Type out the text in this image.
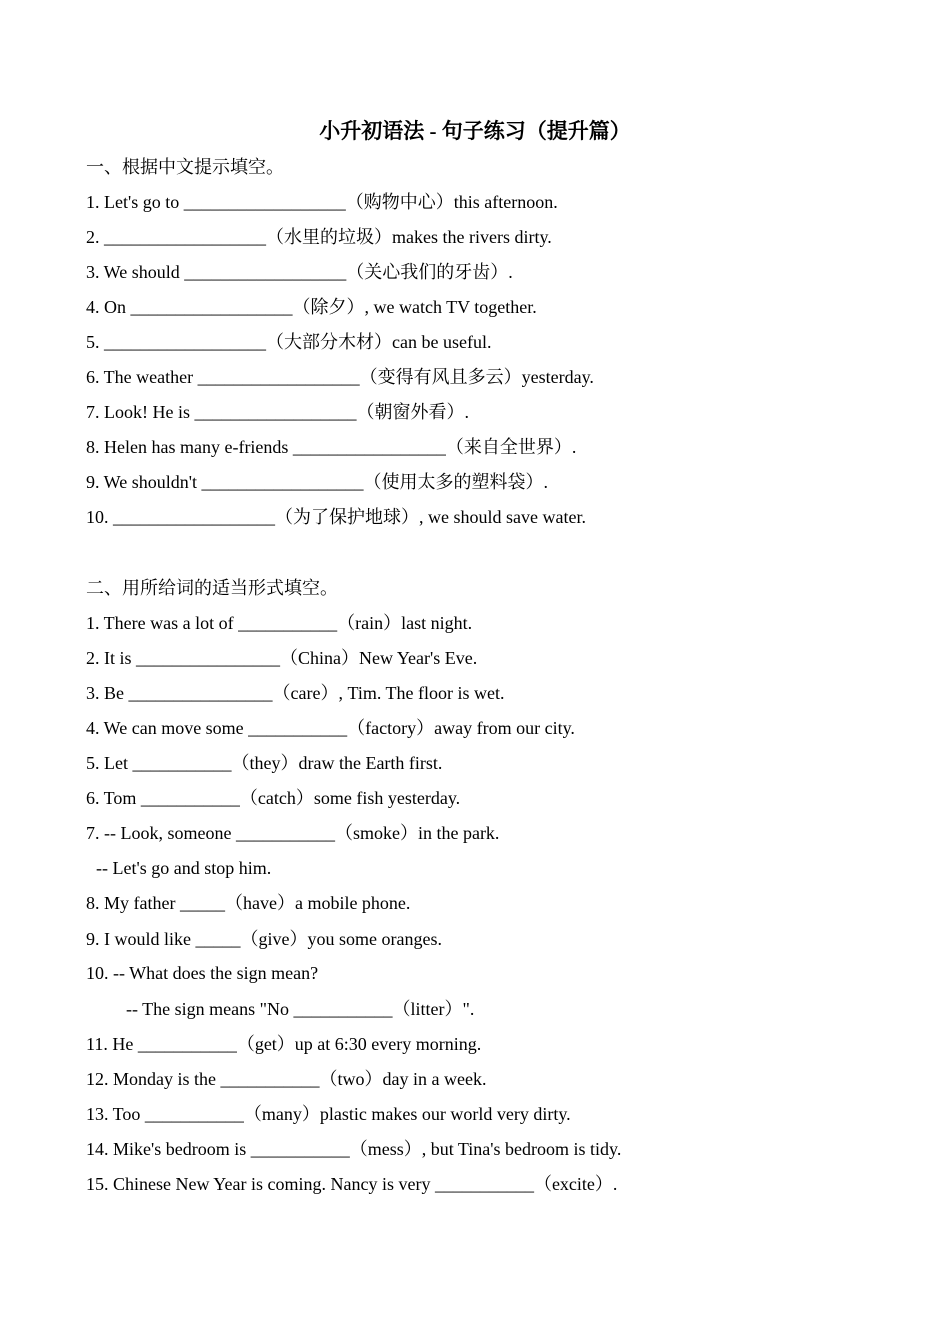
小升初语法 - 句子练习（提升篇）
一、根据中文提示填空。
1. Let's go to __________________（购物中心）this afternoon.
2. __________________（水里的垃圾）makes the rivers dirty.
3. We should __________________（关心我们的牙齿）.
4. On __________________（除夕）, we watch TV together.
5. __________________（大部分木材）can be useful.
6. The weather __________________（变得有风且多云）yesterday.
7. Look! He is __________________（朝窗外看）.
8. Helen has many e-friends _________________（来自全世界）.
9. We shouldn't __________________（使用太多的塑料袋）.
10. __________________（为了保护地球）, we should save water.
二、用所给词的适当形式填空。
1. There was a lot of ___________（rain）last night.
2. It is ________________（China）New Year's Eve.
3. Be ________________（care）, Tim. The floor is wet.
4. We can move some ___________（factory）away from our city.
5. Let ___________（they）draw the Earth first.
6. Tom ___________（catch）some fish yesterday.
7. -- Look, someone ___________（smoke）in the park.
-- Let's go and stop him.
8. My father _____（have）a mobile phone.
9. I would like _____（give）you some oranges.
10. -- What does the sign mean?
-- The sign means "No ___________（litter）".
11. He ___________（get）up at 6:30 every morning.
12. Monday is the ___________（two）day in a week.
13. Too ___________（many）plastic makes our world very dirty.
14. Mike's bedroom is ___________（mess）, but Tina's bedroom is tidy.
15. Chinese New Year is coming. Nancy is very ___________（excite）.
